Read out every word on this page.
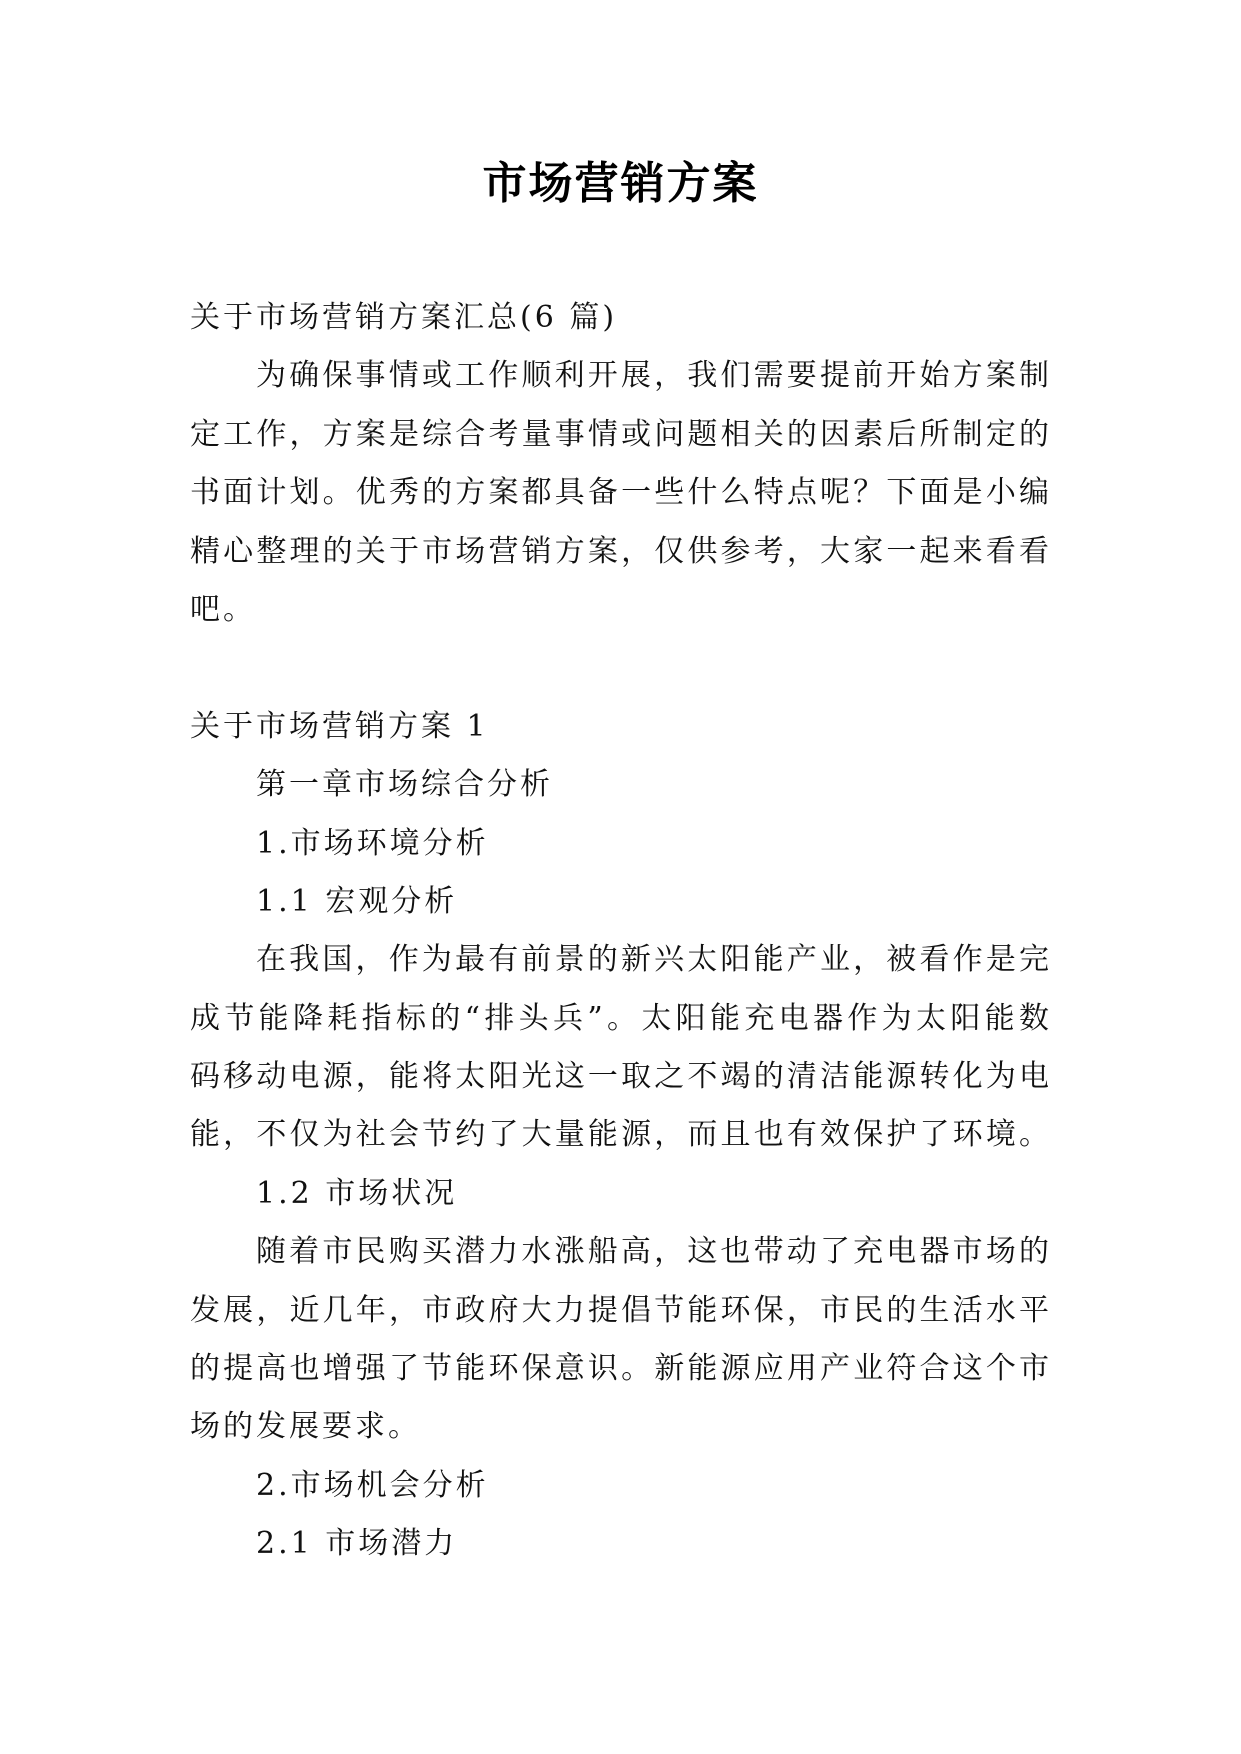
市场营销方案
关于市场营销方案汇总(6 篇)
为确保事情或工作顺利开展，我们需要提前开始方案制
定工作，方案是综合考量事情或问题相关的因素后所制定的
书面计划。优秀的方案都具备一些什么特点呢？下面是小编
精心整理的关于市场营销方案，仅供参考，大家一起来看看
吧。
关于市场营销方案 1
第一章市场综合分析
1.市场环境分析
1.1 宏观分析
在我国，作为最有前景的新兴太阳能产业，被看作是完
成节能降耗指标的“排头兵”。太阳能充电器作为太阳能数
码移动电源，能将太阳光这一取之不竭的清洁能源转化为电
能，不仅为社会节约了大量能源，而且也有效保护了环境。
1.2 市场状况
随着市民购买潜力水涨船高，这也带动了充电器市场的
发展，近几年，市政府大力提倡节能环保，市民的生活水平
的提高也增强了节能环保意识。新能源应用产业符合这个市
场的发展要求。
2.市场机会分析
2.1 市场潜力
